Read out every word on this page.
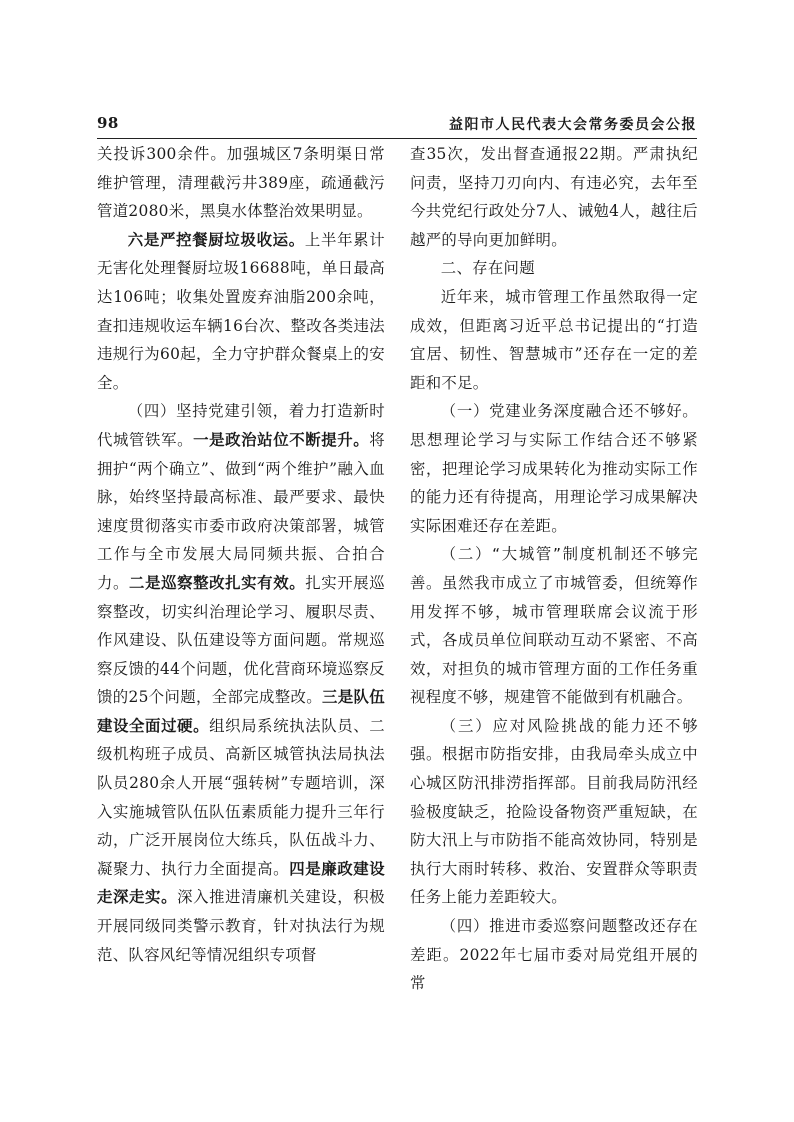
98	益阳市人民代表大会常务委员会公报

关投诉300余件。加强城区7条明渠日常维护管理，清理截污井389座，疏通截污管道2080米，黑臭水体整治效果明显。

六是严控餐厨垃圾收运。上半年累计无害化处理餐厨垃圾16688吨，单日最高达106吨；收集处置废弃油脂200余吨，查扣违规收运车辆16台次、整改各类违法违规行为60起，全力守护群众餐桌上的安全。

（四）坚持党建引领，着力打造新时代城管铁军。一是政治站位不断提升。将拥护“两个确立”、做到“两个维护”融入血脉，始终坚持最高标准、最严要求、最快速度贯彻落实市委市政府决策部署，城管工作与全市发展大局同频共振、合拍合力。二是巡察整改扎实有效。扎实开展巡察整改，切实纠治理论学习、履职尽责、作风建设、队伍建设等方面问题。常规巡察反馈的44个问题，优化营商环境巡察反馈的25个问题，全部完成整改。三是队伍建设全面过硬。组织局系统执法队员、二级机构班子成员、高新区城管执法局执法队员280余人开展“强转树”专题培训，深入实施城管队伍队伍素质能力提升三年行动，广泛开展岗位大练兵，队伍战斗力、凝聚力、执行力全面提高。四是廉政建设走深走实。深入推进清廉机关建设，积极开展同级同类警示教育，针对执法行为规范、队容风纪等情况组织专项督

查35次，发出督查通报22期。严肃执纪问责，坚持刀刃向内、有违必究，去年至今共党纪行政处分7人、诫勉4人，越往后越严的导向更加鲜明。

二、存在问题

近年来，城市管理工作虽然取得一定成效，但距离习近平总书记提出的“打造宜居、韧性、智慧城市”还存在一定的差距和不足。

（一）党建业务深度融合还不够好。思想理论学习与实际工作结合还不够紧密，把理论学习成果转化为推动实际工作的能力还有待提高，用理论学习成果解决实际困难还存在差距。

（二）“大城管”制度机制还不够完善。虽然我市成立了市城管委，但统筹作用发挥不够，城市管理联席会议流于形式，各成员单位间联动互动不紧密、不高效，对担负的城市管理方面的工作任务重视程度不够，规建管不能做到有机融合。

（三）应对风险挑战的能力还不够强。根据市防指安排，由我局牵头成立中心城区防汛排涝指挥部。目前我局防汛经验极度缺乏，抢险设备物资严重短缺，在防大汛上与市防指不能高效协同，特别是执行大雨时转移、救治、安置群众等职责任务上能力差距较大。

（四）推进市委巡察问题整改还存在差距。2022年七届市委对局党组开展的常
